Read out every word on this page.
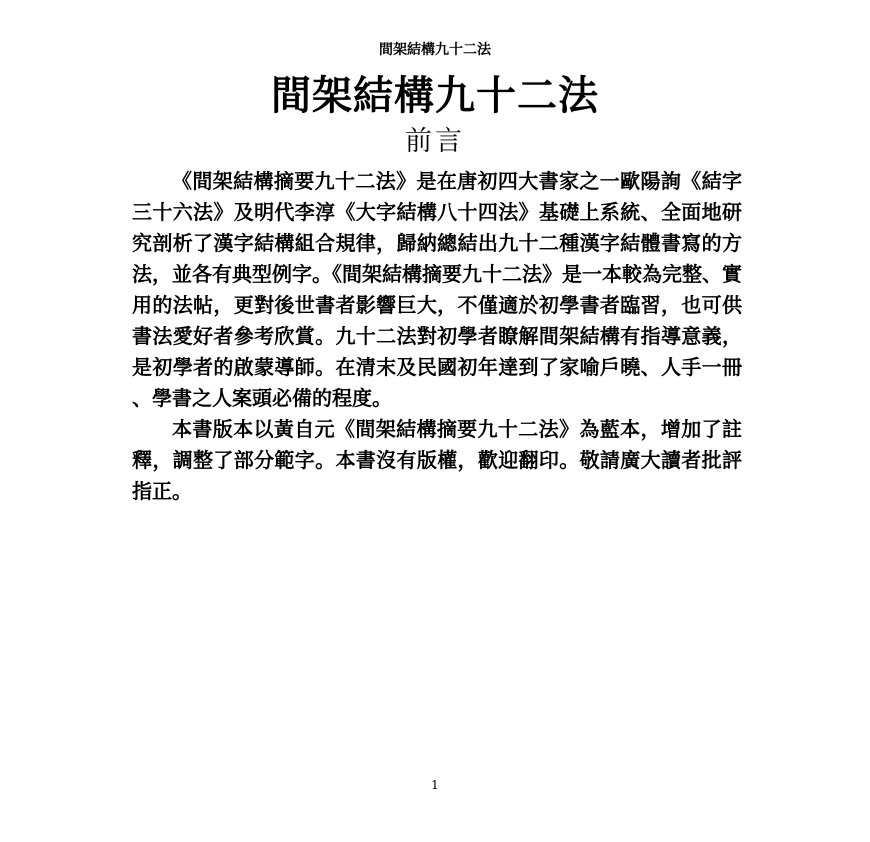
間架結構九十二法
間架結構九十二法
前言

《間架結構摘要九十二法》是在唐初四大書家之一歐陽詢《結字三十六法》及明代李淳《大字結構八十四法》基礎上系統、全面地研究剖析了漢字結構組合規律，歸納總結出九十二種漢字結體書寫的方法，並各有典型例字。《間架結構摘要九十二法》是一本較為完整、實用的法帖，更對後世書者影響巨大，不僅適於初學書者臨習，也可供書法愛好者參考欣賞。九十二法對初學者瞭解間架結構有指導意義，是初學者的啟蒙導師。在清末及民國初年達到了家喻戶曉、人手一冊、學書之人案頭必備的程度。

本書版本以黃自元《間架結構摘要九十二法》為藍本，增加了註釋，調整了部分範字。本書沒有版權，歡迎翻印。敬請廣大讀者批評指正。

1
